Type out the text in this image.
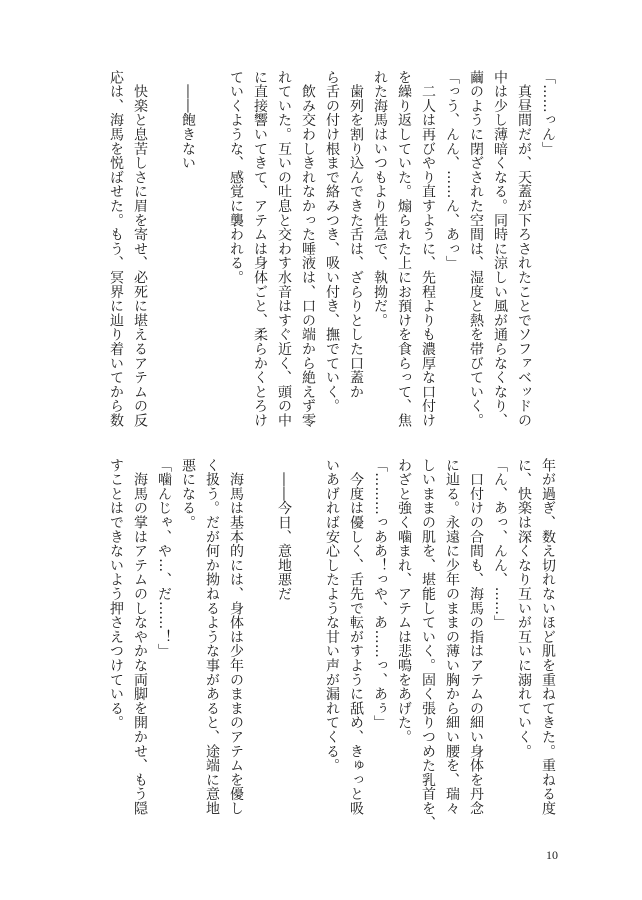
「……っん」
　真昼間だが、天蓋が下ろされたことでソファベッドの
中は少し薄暗くなる。同時に涼しい風が通らなくなり、
繭のように閉ざされた空間は、湿度と熱を帯びていく。
「っう、んん、……ん、あっ」
　二人は再びやり直すように、先程よりも濃厚な口付け
を繰り返していた。煽られた上にお預けを食らって、焦
れた海馬はいつもより性急で、執拗だ。
　歯列を割り込んできた舌は、ざらりとした口蓋か
ら舌の付け根まで絡みつき、吸い付き、撫でていく。
　飲み交わしきれなかった唾液は、口の端から絶えず零
れていた。互いの吐息と交わす水音はすぐ近く、頭の中
に直接響いてきて、アテムは身体ごと、柔らかくとろけ
ていくような、感覚に襲われる。

　――飽きない

　快楽と息苦しさに眉を寄せ、必死に堪えるアテムの反
応は、海馬を悦ばせた。もう、冥界に辿り着いてから数
年が過ぎ、数え切れないほど肌を重ねてきた。重ねる度
に、快楽は深くなり互いが互いに溺れていく。
「ん、あっ、んん、……」
　口付けの合間も、海馬の指はアテムの細い身体を丹念
に辿る。永遠に少年のままの薄い胸から細い腰を、瑞々
しいままの肌を、堪能していく。固く張りつめた乳首を、
わざと強く噛まれ、アテムは悲鳴をあげた。
「………っああ！っや、あ……っ、あぅ」
　今度は優しく、舌先で転がすように舐め、きゅっと吸
いあげれば安心したような甘い声が漏れてくる。

　――今日、意地悪だ

　海馬は基本的には、身体は少年のままのアテムを優し
く扱う。だが何か拗ねるような事があると、途端に意地
悪になる。
「噛んじゃ、や…、だ……！」
　海馬の掌はアテムのしなやかな両脚を開かせ、もう隠
すことはできないよう押さえつけている。
10
